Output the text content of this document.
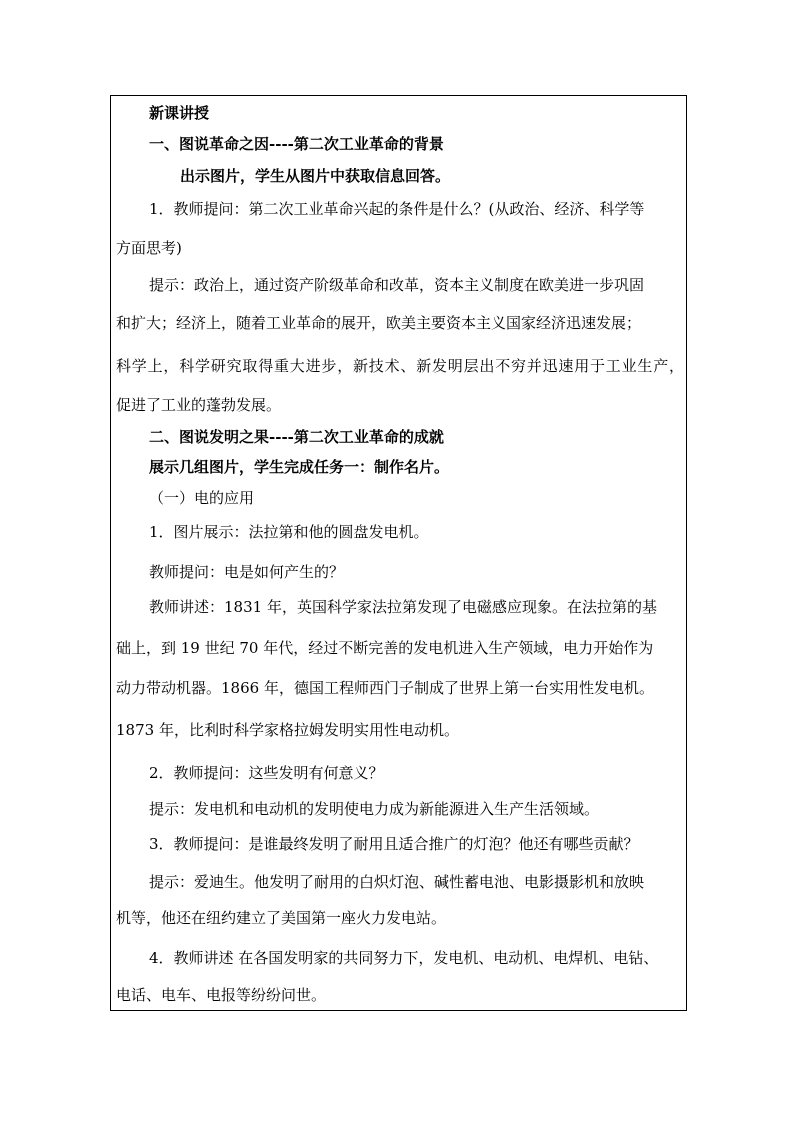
新课讲授

一、图说革命之因----第二次工业革命的背景

出示图片，学生从图片中获取信息回答。

1．教师提问：第二次工业革命兴起的条件是什么？(从政治、经济、科学等

方面思考)

提示：政治上，通过资产阶级革命和改革，资本主义制度在欧美进一步巩固

和扩大；经济上，随着工业革命的展开，欧美主要资本主义国家经济迅速发展；

科学上，科学研究取得重大进步，新技术、新发明层出不穷并迅速用于工业生产，

促进了工业的蓬勃发展。

二、图说发明之果----第二次工业革命的成就

展示几组图片，学生完成任务一：制作名片。

（一）电的应用

1．图片展示：法拉第和他的圆盘发电机。

教师提问：电是如何产生的？

教师讲述：1831 年，英国科学家法拉第发现了电磁感应现象。在法拉第的基

础上，到 19 世纪 70 年代，经过不断完善的发电机进入生产领域，电力开始作为

动力带动机器。1866 年，德国工程师西门子制成了世界上第一台实用性发电机。

1873 年，比利时科学家格拉姆发明实用性电动机。

2．教师提问：这些发明有何意义？

提示：发电机和电动机的发明使电力成为新能源进入生产生活领域。

3．教师提问：是谁最终发明了耐用且适合推广的灯泡？他还有哪些贡献？

提示：爱迪生。他发明了耐用的白炽灯泡、碱性蓄电池、电影摄影机和放映

机等，他还在纽约建立了美国第一座火力发电站。

4．教师讲述 在各国发明家的共同努力下，发电机、电动机、电焊机、电钻、

电话、电车、电报等纷纷问世。
